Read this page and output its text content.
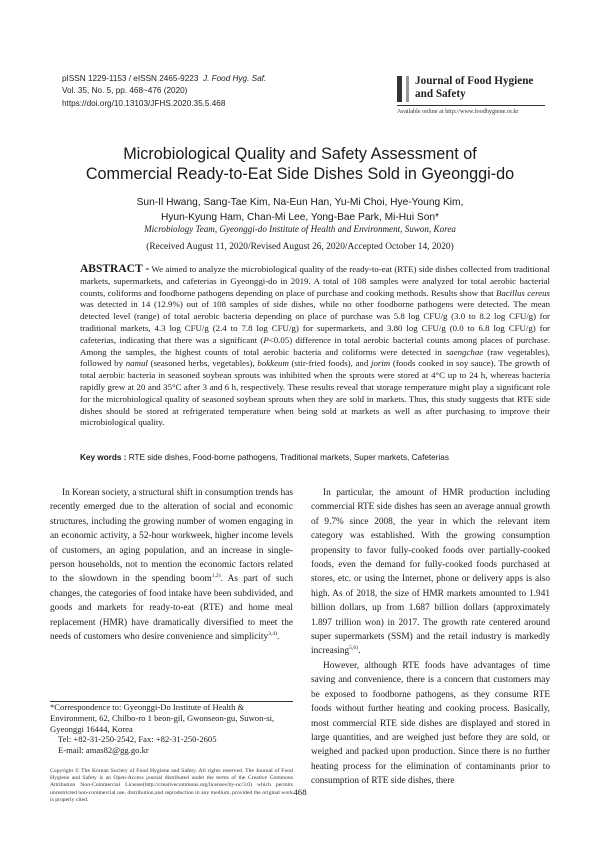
pISSN 1229-1153 / eISSN 2465-9223 J. Food Hyg. Saf.
Vol. 35, No. 5, pp. 468~476 (2020)
https://doi.org/10.13103/JFHS.2020.35.5.468
Journal of Food Hygiene
and Safety
Available online at http://www.foodhygiene.or.kr
Microbiological Quality and Safety Assessment of
Commercial Ready-to-Eat Side Dishes Sold in Gyeonggi-do
Sun-Il Hwang, Sang-Tae Kim, Na-Eun Han, Yu-Mi Choi, Hye-Young Kim,
Hyun-Kyung Ham, Chan-Mi Lee, Yong-Bae Park, Mi-Hui Son*
Microbiology Team, Gyeonggi-do Institute of Health and Environment, Suwon, Korea
(Received August 11, 2020/Revised August 26, 2020/Accepted October 14, 2020)
ABSTRACT - We aimed to analyze the microbiological quality of the ready-to-eat (RTE) side dishes collected from traditional markets, supermarkets, and cafeterias in Gyeonggi-do in 2019. A total of 108 samples were analyzed for total aerobic bacterial counts, coliforms and foodborne pathogens depending on place of purchase and cooking methods. Results show that Bacillus cereus was detected in 14 (12.9%) out of 108 samples of side dishes, while no other foodborne pathogens were detected. The mean detected level (range) of total aerobic bacteria depending on place of purchase was 5.8 log CFU/g (3.0 to 8.2 log CFU/g) for traditional markets, 4.3 log CFU/g (2.4 to 7.8 log CFU/g) for supermarkets, and 3.80 log CFU/g (0.0 to 6.8 log CFU/g) for cafeterias, indicating that there was a significant (P<0.05) difference in total aerobic bacterial counts among places of purchase. Among the samples, the highest counts of total aerobic bacteria and coliforms were detected in saengchae (raw vegetables), followed by namul (seasoned herbs, vegetables), bokkeum (stir-fried foods), and jorim (foods cooked in soy sauce). The growth of total aerobic bacteria in seasoned soybean sprouts was inhibited when the sprouts were stored at 4°C up to 24 h, whereas bacteria rapidly grew at 20 and 35°C after 3 and 6 h, respectively. These results reveal that storage temperature might play a significant role for the microbiological quality of seasoned soybean sprouts when they are sold in markets. Thus, this study suggests that RTE side dishes should be stored at refrigerated temperature when being sold at markets as well as after purchasing to improve their microbiological quality.
Key words : RTE side dishes, Food-borne pathogens, Traditional markets, Super markets, Cafeterias

In Korean society, a structural shift in consumption trends has recently emerged due to the alteration of social and economic structures, including the growing number of women engaging in an economic activity, a 52-hour workweek, higher income levels of customers, an aging population, and an increase in single-person households, not to mention the economic factors related to the slowdown in the spending boom$^{1,2)}$. As part of such changes, the categories of food intake have been subdivided, and goods and markets for ready-to-eat (RTE) and home meal replacement (HMR) have dramatically diversified to meet the needs of customers who desire convenience and simplicity$^{3,4)}$.

In particular, the amount of HMR production including commercial RTE side dishes has seen an average annual growth of 9.7% since 2008, the year in which the relevant item category was established. With the growing consumption propensity to favor fully-cooked foods over partially-cooked foods, even the demand for fully-cooked foods purchased at stores, etc. or using the Internet, phone or delivery apps is also high. As of 2018, the size of HMR markets amounted to 1.941 billion dollars, up from 1.687 billion dollars (approximately 1.897 trillion won) in 2017. The growth rate centered around super supermarkets (SSM) and the retail industry is markedly increasing$^{5,6)}$.

However, although RTE foods have advantages of time saving and convenience, there is a concern that customers may be exposed to foodborne pathogens, as they consume RTE foods without further heating and cooking process. Basically, most commercial RTE side dishes are displayed and stored in large quantities, and are weighed just before they are sold, or weighed and packed upon production. Since there is no further heating process for the elimination of contaminants prior to consumption of RTE side dishes, there

*Correspondence to: Gyeonggi-Do Institute of Health & Environment, 62, Chilbo-ro 1 beon-gil, Gwonseon-gu, Suwon-si, Gyeonggi 16444, Korea
Tel: +82-31-250-2542, Fax: +82-31-250-2605
E-mail: amas82@gg.go.kr
Copyright © The Korean Society of Food Hygiene and Safety. All rights reserved. The Journal of Food Hygiene and Safety is an Open-Access journal distributed under the terms of the Creative Commons Attribution Non-Commercial License(http://creativecommons.org/licenses/by-nc/3.0) which permits unrestricted non-commercial use, distribution,and reproduction in any medium, provided the original work is properly cited.
468
